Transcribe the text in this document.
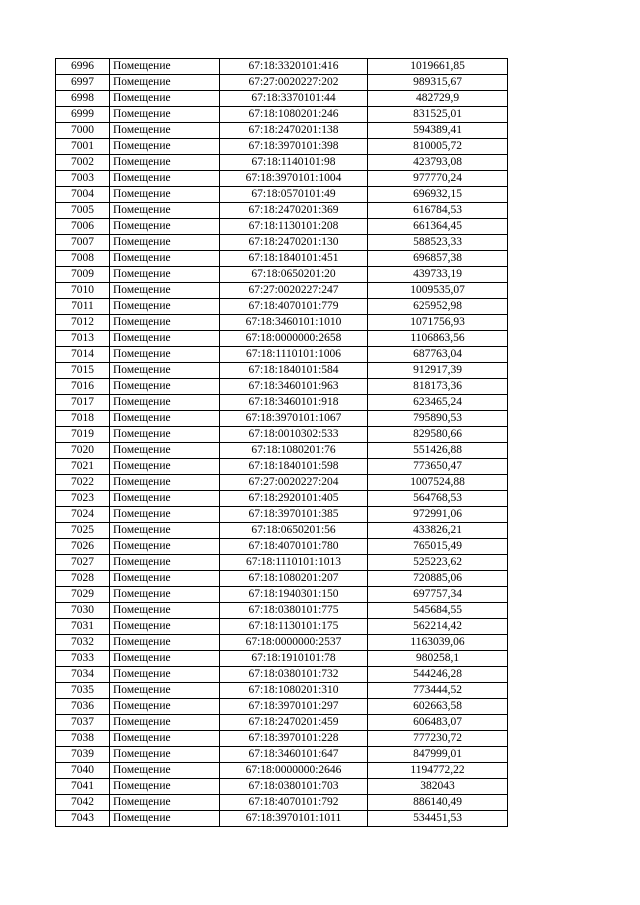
6996	Помещение	67:18:3320101:416	1019661,85
6997	Помещение	67:27:0020227:202	989315,67
6998	Помещение	67:18:3370101:44	482729,9
6999	Помещение	67:18:1080201:246	831525,01
7000	Помещение	67:18:2470201:138	594389,41
7001	Помещение	67:18:3970101:398	810005,72
7002	Помещение	67:18:1140101:98	423793,08
7003	Помещение	67:18:3970101:1004	977770,24
7004	Помещение	67:18:0570101:49	696932,15
7005	Помещение	67:18:2470201:369	616784,53
7006	Помещение	67:18:1130101:208	661364,45
7007	Помещение	67:18:2470201:130	588523,33
7008	Помещение	67:18:1840101:451	696857,38
7009	Помещение	67:18:0650201:20	439733,19
7010	Помещение	67:27:0020227:247	1009535,07
7011	Помещение	67:18:4070101:779	625952,98
7012	Помещение	67:18:3460101:1010	1071756,93
7013	Помещение	67:18:0000000:2658	1106863,56
7014	Помещение	67:18:1110101:1006	687763,04
7015	Помещение	67:18:1840101:584	912917,39
7016	Помещение	67:18:3460101:963	818173,36
7017	Помещение	67:18:3460101:918	623465,24
7018	Помещение	67:18:3970101:1067	795890,53
7019	Помещение	67:18:0010302:533	829580,66
7020	Помещение	67:18:1080201:76	551426,88
7021	Помещение	67:18:1840101:598	773650,47
7022	Помещение	67:27:0020227:204	1007524,88
7023	Помещение	67:18:2920101:405	564768,53
7024	Помещение	67:18:3970101:385	972991,06
7025	Помещение	67:18:0650201:56	433826,21
7026	Помещение	67:18:4070101:780	765015,49
7027	Помещение	67:18:1110101:1013	525223,62
7028	Помещение	67:18:1080201:207	720885,06
7029	Помещение	67:18:1940301:150	697757,34
7030	Помещение	67:18:0380101:775	545684,55
7031	Помещение	67:18:1130101:175	562214,42
7032	Помещение	67:18:0000000:2537	1163039,06
7033	Помещение	67:18:1910101:78	980258,1
7034	Помещение	67:18:0380101:732	544246,28
7035	Помещение	67:18:1080201:310	773444,52
7036	Помещение	67:18:3970101:297	602663,58
7037	Помещение	67:18:2470201:459	606483,07
7038	Помещение	67:18:3970101:228	777230,72
7039	Помещение	67:18:3460101:647	847999,01
7040	Помещение	67:18:0000000:2646	1194772,22
7041	Помещение	67:18:0380101:703	382043
7042	Помещение	67:18:4070101:792	886140,49
7043	Помещение	67:18:3970101:1011	534451,53
